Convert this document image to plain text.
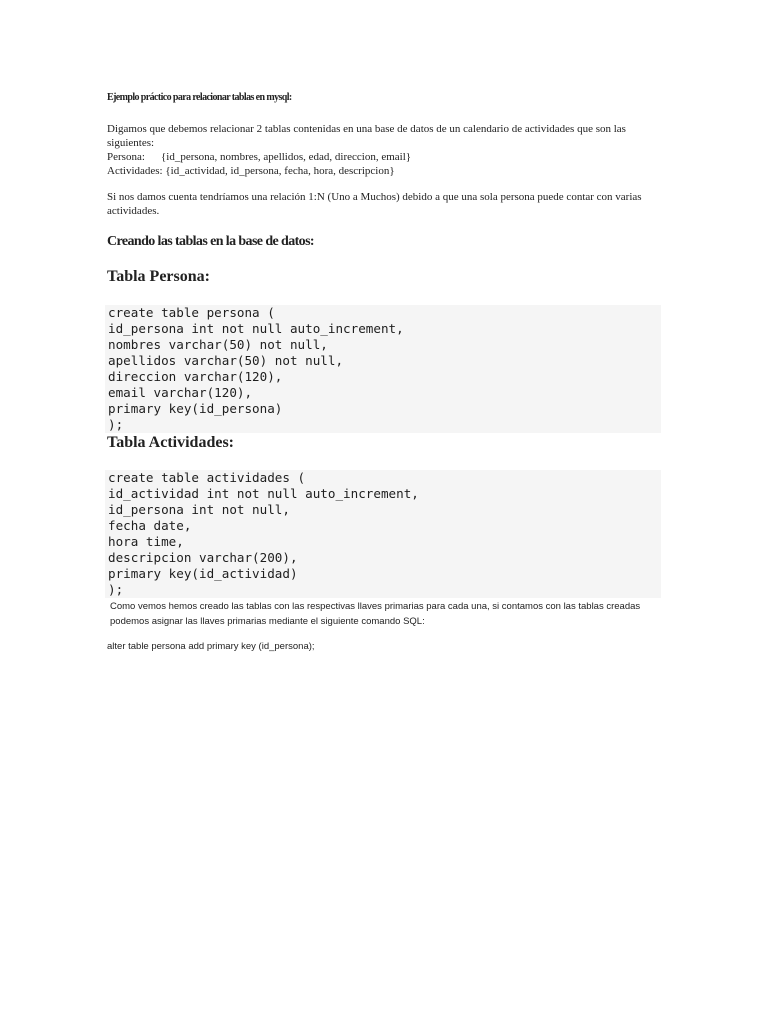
Ejemplo práctico para relacionar tablas en mysql:

Digamos que debemos relacionar 2 tablas contenidas en una base de datos de un calendario de actividades que son las siguientes:

Persona:	{id_persona, nombres, apellidos, edad, direccion, email}
Actividades:
{id_actividad, id_persona, fecha, hora, descripcion}
Si nos damos cuenta tendríamos una relación 1:N (Uno a Muchos) debido a que una sola persona puede contar con varias actividades.
Creando las tablas en la base de datos:
Tabla Persona:
create table persona (
id_persona int not null auto_increment,
nombres varchar(50) not null,
apellidos varchar(50) not null,
direccion varchar(120),
email varchar(120),
primary key(id_persona)
);
Tabla Actividades:
create table actividades (
id_actividad int not null auto_increment,
id_persona int not null,
fecha date,
hora time,
descripcion varchar(200),
primary key(id_actividad)
);

Como vemos hemos creado las tablas con las respectivas llaves primarias para cada una, si contamos con las tablas creadas podemos asignar las llaves primarias mediante el siguiente comando SQL:

alter table persona add primary key (id_persona);
